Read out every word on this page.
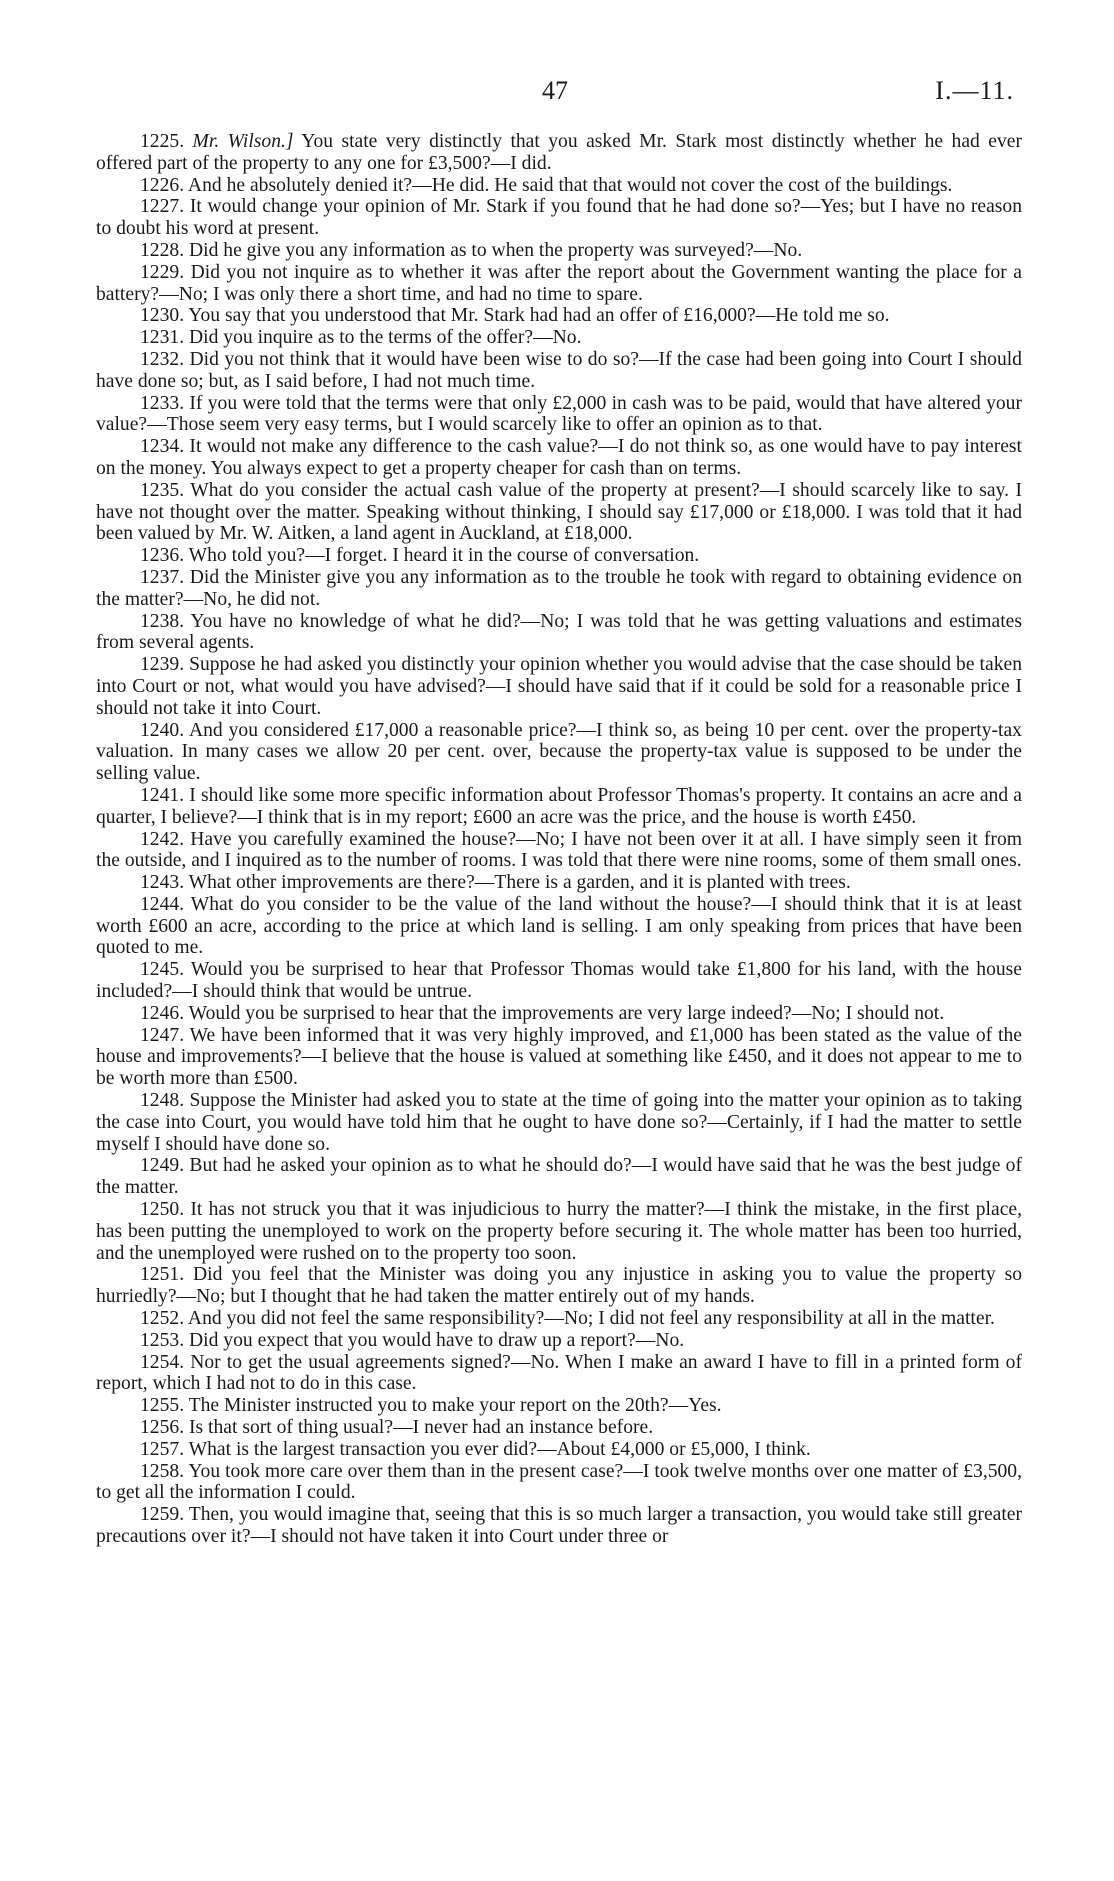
47	I.—11.

1225. Mr. Wilson.] You state very distinctly that you asked Mr. Stark most distinctly whether he had ever offered part of the property to any one for £3,500?—I did.

1226. And he absolutely denied it?—He did. He said that that would not cover the cost of the buildings.

1227. It would change your opinion of Mr. Stark if you found that he had done so?—Yes; but I have no reason to doubt his word at present.

1228. Did he give you any information as to when the property was surveyed?—No.

1229. Did you not inquire as to whether it was after the report about the Government wanting the place for a battery?—No; I was only there a short time, and had no time to spare.

1230. You say that you understood that Mr. Stark had had an offer of £16,000?—He told me so.

1231. Did you inquire as to the terms of the offer?—No.

1232. Did you not think that it would have been wise to do so?—If the case had been going into Court I should have done so; but, as I said before, I had not much time.

1233. If you were told that the terms were that only £2,000 in cash was to be paid, would that have altered your value?—Those seem very easy terms, but I would scarcely like to offer an opinion as to that.

1234. It would not make any difference to the cash value?—I do not think so, as one would have to pay interest on the money. You always expect to get a property cheaper for cash than on terms.

1235. What do you consider the actual cash value of the property at present?—I should scarcely like to say. I have not thought over the matter. Speaking without thinking, I should say £17,000 or £18,000. I was told that it had been valued by Mr. W. Aitken, a land agent in Auckland, at £18,000.

1236. Who told you?—I forget. I heard it in the course of conversation.

1237. Did the Minister give you any information as to the trouble he took with regard to obtaining evidence on the matter?—No, he did not.

1238. You have no knowledge of what he did?—No; I was told that he was getting valuations and estimates from several agents.

1239. Suppose he had asked you distinctly your opinion whether you would advise that the case should be taken into Court or not, what would you have advised?—I should have said that if it could be sold for a reasonable price I should not take it into Court.

1240. And you considered £17,000 a reasonable price?—I think so, as being 10 per cent. over the property-tax valuation. In many cases we allow 20 per cent. over, because the property-tax value is supposed to be under the selling value.

1241. I should like some more specific information about Professor Thomas's property. It contains an acre and a quarter, I believe?—I think that is in my report; £600 an acre was the price, and the house is worth £450.

1242. Have you carefully examined the house?—No; I have not been over it at all. I have simply seen it from the outside, and I inquired as to the number of rooms. I was told that there were nine rooms, some of them small ones.

1243. What other improvements are there?—There is a garden, and it is planted with trees.

1244. What do you consider to be the value of the land without the house?—I should think that it is at least worth £600 an acre, according to the price at which land is selling. I am only speaking from prices that have been quoted to me.

1245. Would you be surprised to hear that Professor Thomas would take £1,800 for his land, with the house included?—I should think that would be untrue.

1246. Would you be surprised to hear that the improvements are very large indeed?—No; I should not.

1247. We have been informed that it was very highly improved, and £1,000 has been stated as the value of the house and improvements?—I believe that the house is valued at something like £450, and it does not appear to me to be worth more than £500.

1248. Suppose the Minister had asked you to state at the time of going into the matter your opinion as to taking the case into Court, you would have told him that he ought to have done so?—Certainly, if I had the matter to settle myself I should have done so.

1249. But had he asked your opinion as to what he should do?—I would have said that he was the best judge of the matter.

1250. It has not struck you that it was injudicious to hurry the matter?—I think the mistake, in the first place, has been putting the unemployed to work on the property before securing it. The whole matter has been too hurried, and the unemployed were rushed on to the property too soon.

1251. Did you feel that the Minister was doing you any injustice in asking you to value the property so hurriedly?—No; but I thought that he had taken the matter entirely out of my hands.

1252. And you did not feel the same responsibility?—No; I did not feel any responsibility at all in the matter.

1253. Did you expect that you would have to draw up a report?—No.

1254. Nor to get the usual agreements signed?—No. When I make an award I have to fill in a printed form of report, which I had not to do in this case.

1255. The Minister instructed you to make your report on the 20th?—Yes.

1256. Is that sort of thing usual?—I never had an instance before.

1257. What is the largest transaction you ever did?—About £4,000 or £5,000, I think.

1258. You took more care over them than in the present case?—I took twelve months over one matter of £3,500, to get all the information I could.

1259. Then, you would imagine that, seeing that this is so much larger a transaction, you would take still greater precautions over it?—I should not have taken it into Court under three or
